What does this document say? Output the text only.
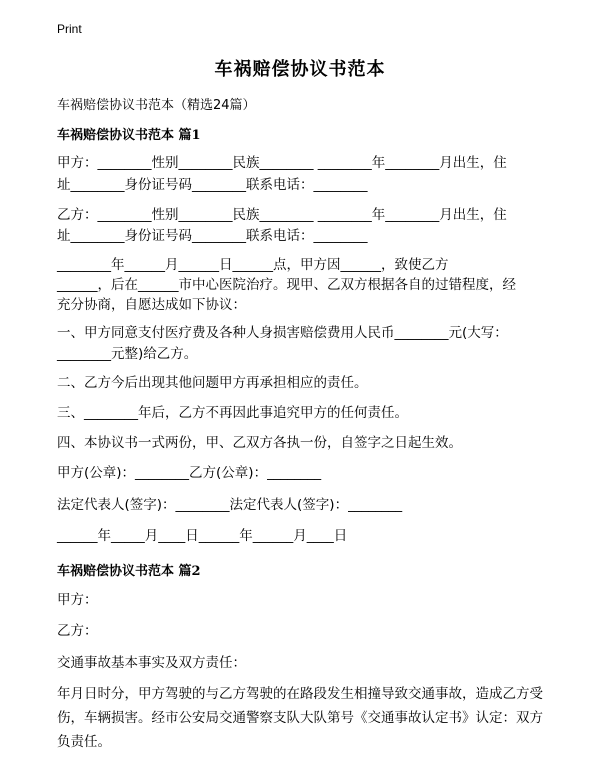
Print
车祸赔偿协议书范本
车祸赔偿协议书范本（精选24篇）
车祸赔偿协议书范本 篇1
甲方：________性别________民族________ ________年________月出生，住
址________身份证号码________联系电话：________
乙方：________性别________民族________ ________年________月出生，住
址________身份证号码________联系电话：________
________年______月______日______点，甲方因______，致使乙方
______，后在______市中心医院治疗。现甲、乙双方根据各自的过错程度，经
充分协商，自愿达成如下协议：
一、甲方同意支付医疗费及各种人身损害赔偿费用人民币________元(大写：
________元整)给乙方。
二、乙方今后出现其他问题甲方再承担相应的责任。
三、________年后，乙方不再因此事追究甲方的任何责任。
四、本协议书一式两份，甲、乙双方各执一份，自签字之日起生效。
甲方(公章)：________乙方(公章)：________
法定代表人(签字)：________法定代表人(签字)：________
______年_____月____日______年______月____日
车祸赔偿协议书范本 篇2
甲方：
乙方：
交通事故基本事实及双方责任：
年月日时分，甲方驾驶的与乙方驾驶的在路段发生相撞导致交通事故，造成乙方受伤，车辆损害。经市公安局交通警察支队大队第号《交通事故认定书》认定：双方负责任。
